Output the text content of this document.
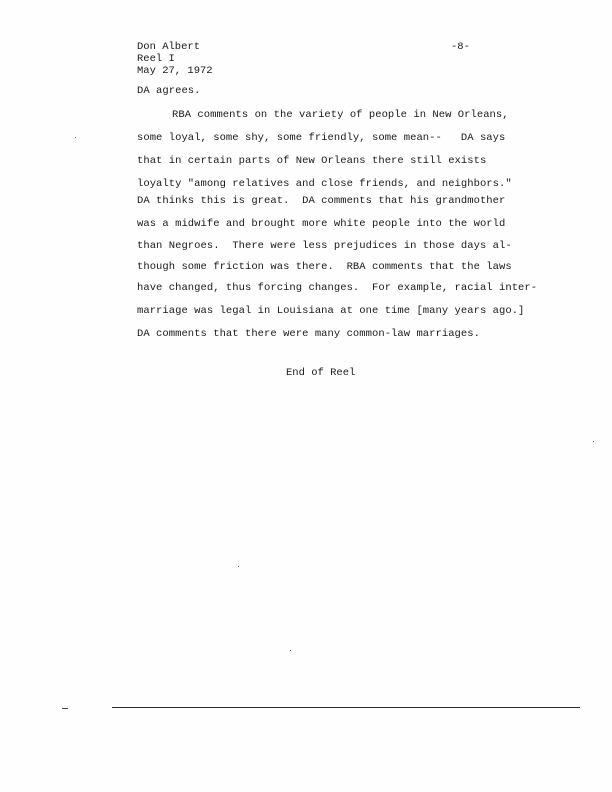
Don Albert
Reel I
May 27, 1972
-8-
DA agrees.
RBA comments on the variety of people in New Orleans,
some loyal, some shy, some friendly, some mean--   DA says
that in certain parts of New Orleans there still exists
loyalty "among relatives and close friends, and neighbors."
DA thinks this is great.  DA comments that his grandmother
was a midwife and brought more white people into the world
than Negroes.  There were less prejudices in those days al-
though some friction was there.  RBA comments that the laws
have changed, thus forcing changes.  For example, racial inter-
marriage was legal in Louisiana at one time [many years ago.]
DA comments that there were many common-law marriages.
End of Reel
